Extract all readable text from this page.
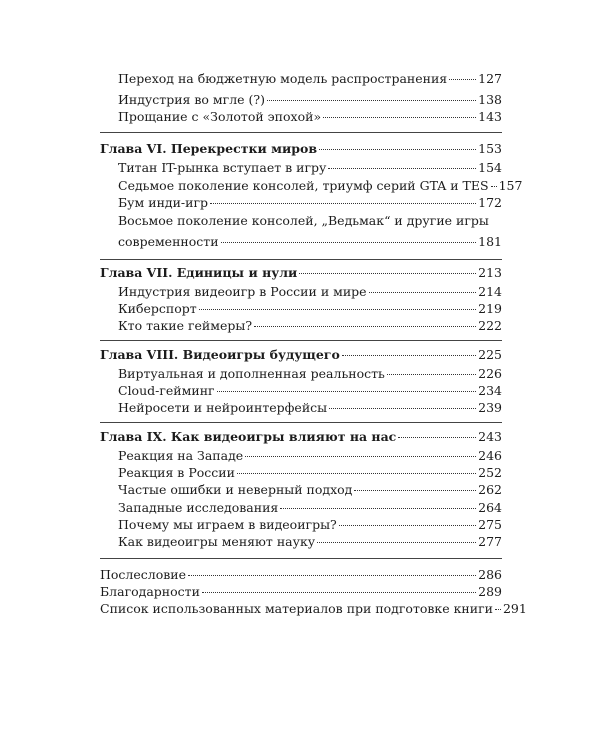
Переход на бюджетную модель распространения 127
Индустрия во мгле (?)	138
Прощание с «Золотой эпохой»	143
Глава VI. Перекрестки миров	153
Титан IT-рынка вступает в игру	154
Седьмое поколение консолей, триумф серий GTA и TES 157
Бум инди-игр	172
Восьмое поколение консолей, „Ведьмак“ и другие игры
современности	181
Глава VII. Единицы и нули	213
Индустрия видеоигр в России и мире	214
Киберспорт	219
Кто такие геймеры?	222
Глава VIII. Видеоигры будущего	225
Виртуальная и дополненная реальность	226
Cloud-гейминг	234
Нейросети и нейроинтерфейсы	239
Глава IX. Как видеоигры влияют на нас	243
Реакция на Западе	246
Реакция в России	252
Частые ошибки и неверный подход	262
Западные исследования	264
Почему мы играем в видеоигры?	275
Как видеоигры меняют науку	277
Послесловие	286
Благодарности	289
Список использованных материалов при подготовке книги 291
